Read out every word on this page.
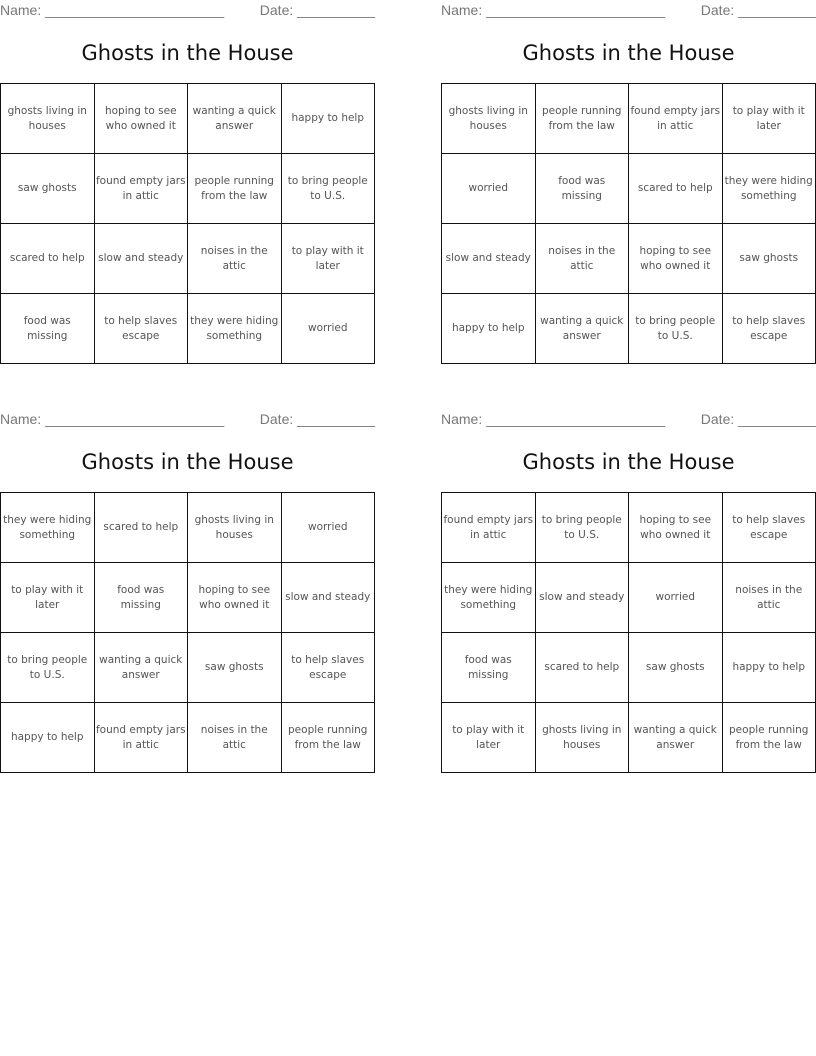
Name: _______________________	Date: __________
Ghosts in the House
ghosts living in houses	hoping to see who owned it	wanting a quick answer	happy to help
saw ghosts	found empty jars in attic	people running from the law	to bring people to U.S.
scared to help	slow and steady	noises in the attic	to play with it later
food was missing	to help slaves escape	they were hiding something	worried
Name: _______________________	Date: __________
Ghosts in the House
ghosts living in houses	people running from the law	found empty jars in attic	to play with it later
worried	food was missing	scared to help	they were hiding something
slow and steady	noises in the attic	hoping to see who owned it	saw ghosts
happy to help	wanting a quick answer	to bring people to U.S.	to help slaves escape
Name: _______________________	Date: __________
Ghosts in the House
they were hiding something	scared to help	ghosts living in houses	worried
to play with it later	food was missing	hoping to see who owned it	slow and steady
to bring people to U.S.	wanting a quick answer	saw ghosts	to help slaves escape
happy to help	found empty jars in attic	noises in the attic	people running from the law
Name: _______________________	Date: __________
Ghosts in the House
found empty jars in attic	to bring people to U.S.	hoping to see who owned it	to help slaves escape
they were hiding something	slow and steady	worried	noises in the attic
food was missing	scared to help	saw ghosts	happy to help
to play with it later	ghosts living in houses	wanting a quick answer	people running from the law
